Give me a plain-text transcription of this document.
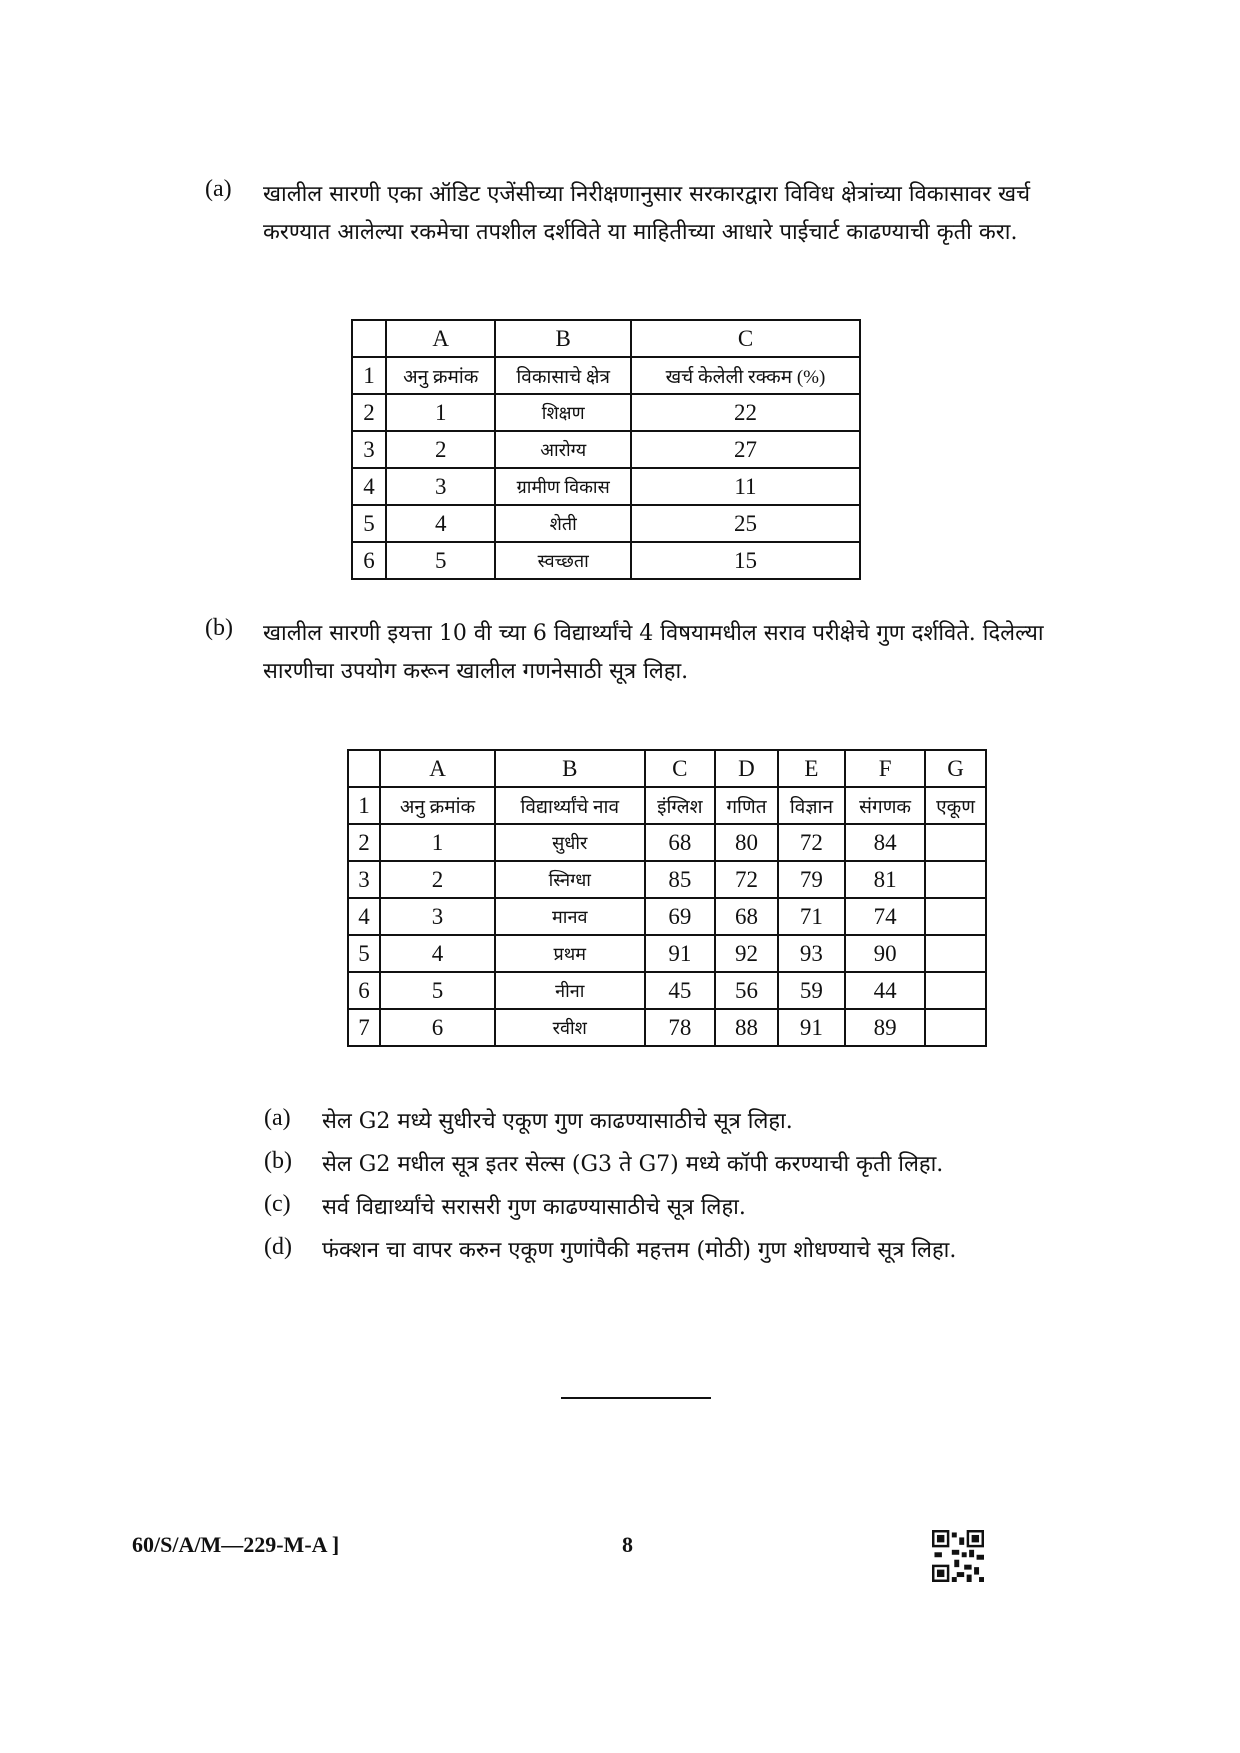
(a) खालील सारणी एका ऑडिट एजेंसीच्या निरीक्षणानुसार सरकारद्वारा विविध क्षेत्रांच्या विकासावर खर्च करण्यात आलेल्या रकमेचा तपशील दर्शविते या माहितीच्या आधारे पाईचार्ट काढण्याची कृती करा.
	A	B	C
1	अनु क्रमांक	विकासाचे क्षेत्र	खर्च केलेली रक्कम (%)
2	1	शिक्षण	22
3	2	आरोग्य	27
4	3	ग्रामीण विकास	11
5	4	शेती	25
6	5	स्वच्छता	15
(b) खालील सारणी इयत्ता 10 वी च्या 6 विद्यार्थ्यांचे 4 विषयामधील सराव परीक्षेचे गुण दर्शविते. दिलेल्या सारणीचा उपयोग करून खालील गणनेसाठी सूत्र लिहा.
	A	B	C	D	E	F	G
1	अनु क्रमांक	विद्यार्थ्यांचे नाव	इंग्लिश	गणित	विज्ञान	संगणक	एकूण
2	1	सुधीर	68	80	72	84	
3	2	स्निग्धा	85	72	79	81	
4	3	मानव	69	68	71	74	
5	4	प्रथम	91	92	93	90	
6	5	नीना	45	56	59	44	
7	6	रवीश	78	88	91	89	
(a) सेल G2 मध्ये सुधीरचे एकूण गुण काढण्यासाठीचे सूत्र लिहा.
(b) सेल G2 मधील सूत्र इतर सेल्स (G3 ते G7) मध्ये कॉपी करण्याची कृती लिहा.
(c) सर्व विद्यार्थ्यांचे सरासरी गुण काढण्यासाठीचे सूत्र लिहा.
(d) फंक्शन चा वापर करुन एकूण गुणांपैकी महत्तम (मोठी) गुण शोधण्याचे सूत्र लिहा.
60/S/A/M—229-M-A ]	8
